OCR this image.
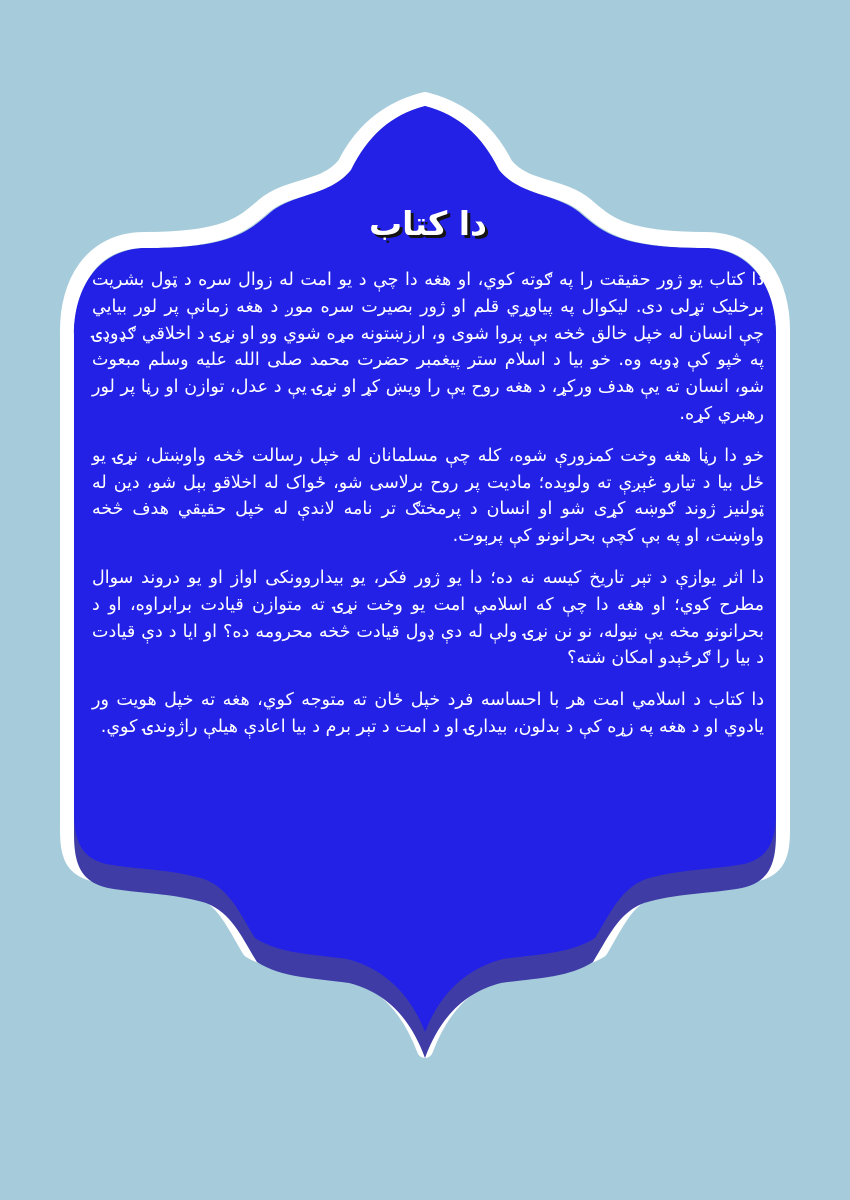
دا کتاب

دا کتاب یو ژور حقیقت را په ګوته کوي، او هغه دا چې د یو امت له زوال سره د ټول بشریت برخلیک تړلی دی. لیکوال په پیاوړي قلم او ژور بصیرت سره موږ د هغه زمانې پر لور بیایي چې انسان له خپل خالق څخه بې پروا شوی و، ارزښتونه مړه شوي وو او نړۍ د اخلاقي ګډوډۍ په څپو کې ډوبه وه. خو بیا د اسلام ستر پیغمبر حضرت محمد صلی الله علیه وسلم مبعوث شو، انسان ته یې هدف ورکړ، د هغه روح یې را ویښ کړ او نړۍ یې د عدل، توازن او رڼا پر لور رهبري کړه.

خو دا رڼا هغه وخت کمزورې شوه، کله چې مسلمانان له خپل رسالت څخه واوښتل، نړۍ یو ځل بیا د تیارو غېږې ته ولوېده؛ مادیت پر روح برلاسی شو، ځواک له اخلاقو بېل شو، دین له ټولنیز ژوند ګوښه کړی شو او انسان د پرمختګ تر نامه لاندې له خپل حقیقي هدف څخه واوښت، او په بې کچې بحرانونو کې پرېوت.

دا اثر یوازې د تېر تاریخ کیسه نه ده؛ دا یو ژور فکر، یو بیداروونکی اواز او یو دروند سوال مطرح کوي؛ او هغه دا چې که اسلامي امت یو وخت نړۍ ته متوازن قیادت برابراوه، او د بحرانونو مخه یې نیوله، نو نن نړۍ ولې له دې ډول قیادت څخه محرومه ده؟ او ایا د دې قیادت د بیا را ګرځېدو امکان شته؟

دا کتاب د اسلامي امت هر با احساسه فرد خپل ځان ته متوجه کوي، هغه ته خپل هویت ور یادوي او د هغه په زړه کې د بدلون، بیدارۍ او د امت د تېر برم د بیا اعادې هیلې راژوندۍ کوي.
